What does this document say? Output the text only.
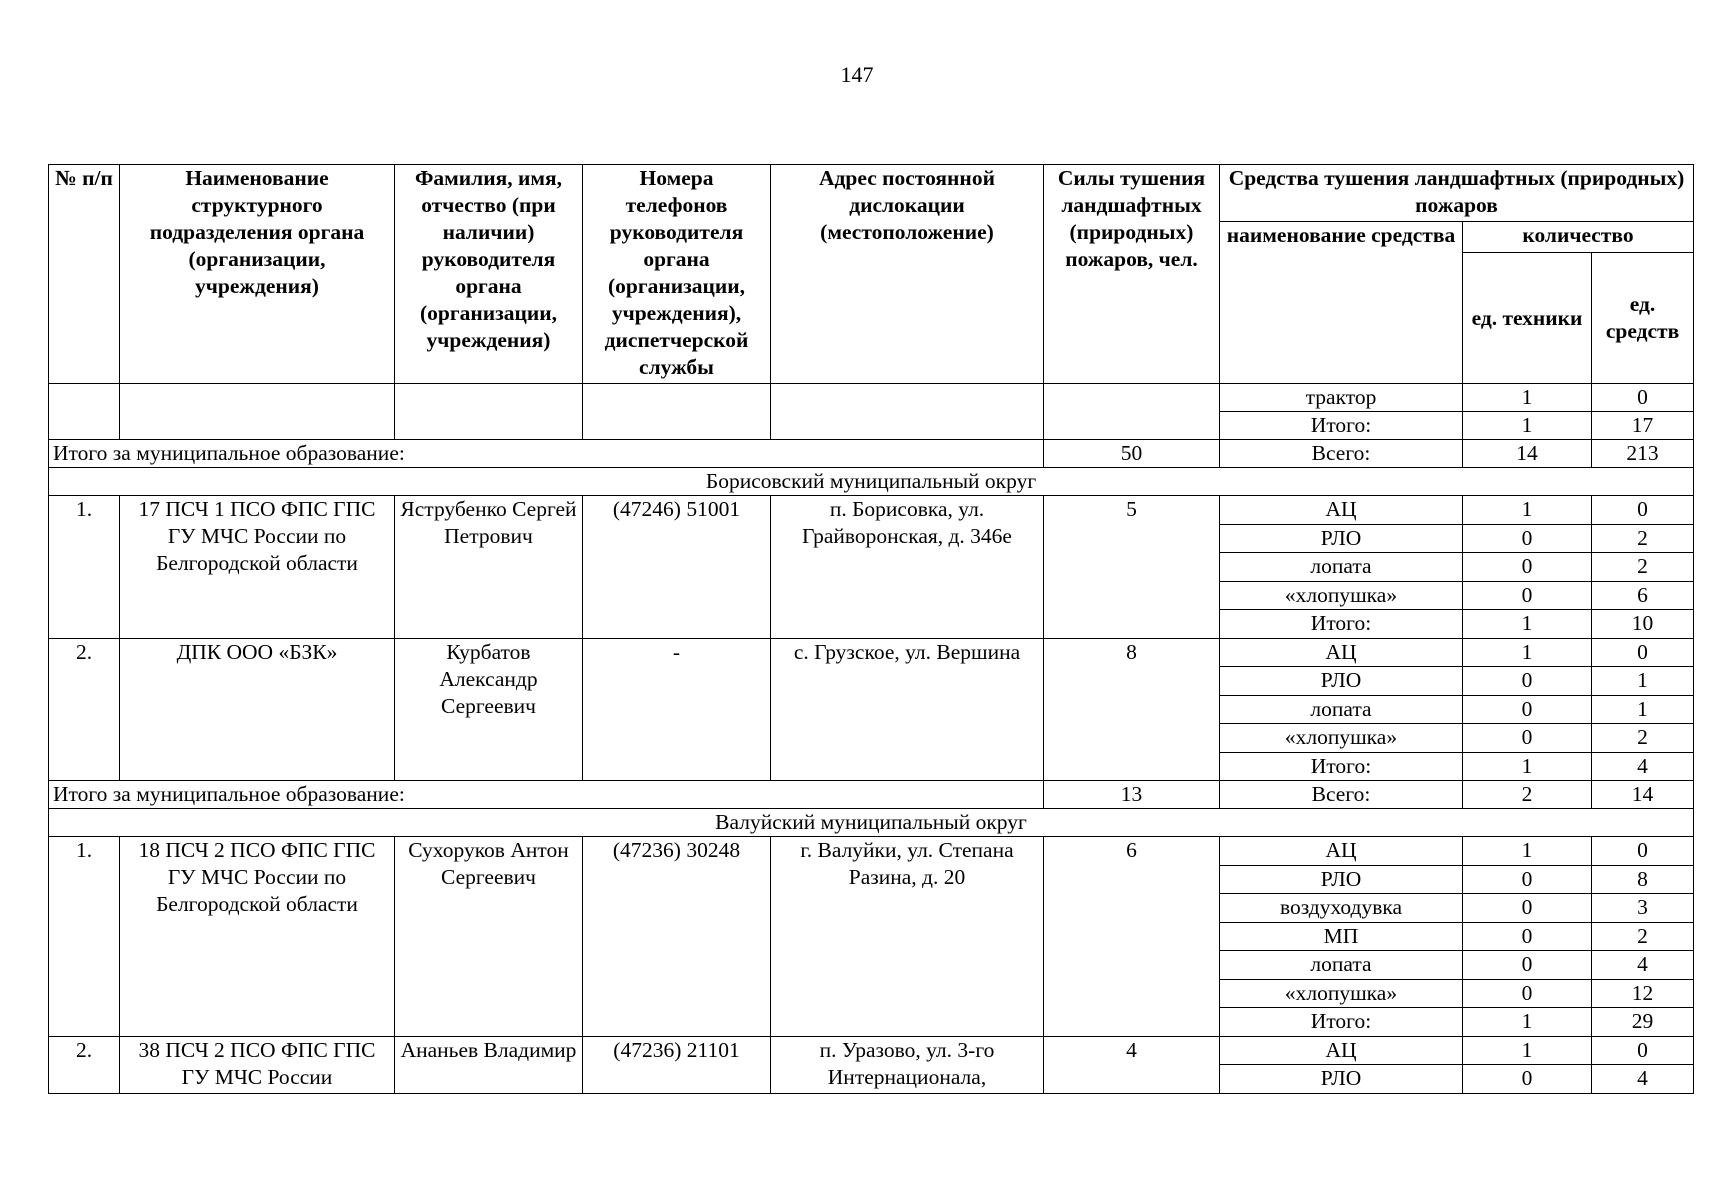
147
№ п/п	Наименование структурного подразделения органа (организации, учреждения)	Фамилия, имя, отчество (при наличии) руководителя органа (организации, учреждения)	Номера телефонов руководителя органа (организации, учреждения), диспетчерской службы	Адрес постоянной дислокации (местоположение)	Силы тушения ландшафтных (природных) пожаров, чел.	Средства тушения ландшафтных (природных) пожаров		
						наименование средства	количество	
							ед. техники	ед. средств
						трактор	1	0
						Итого:	1	17
Итого за муниципальное образование:					50	Всего:	14	213
Борисовский муниципальный округ								
1.	17 ПСЧ 1 ПСО ФПС ГПС ГУ МЧС России по Белгородской области	Яструбенко Сергей Петрович	(47246) 51001	п. Борисовка, ул. Грайворонская, д. 346е	5	АЦ	1	0
						РЛО	0	2
						лопата	0	2
						«хлопушка»	0	6
						Итого:	1	10
2.	ДПК ООО «БЗК»	Курбатов Александр Сергеевич	-	с. Грузское, ул. Вершина	8	АЦ	1	0
						РЛО	0	1
						лопата	0	1
						«хлопушка»	0	2
						Итого:	1	4
Итого за муниципальное образование:					13	Всего:	2	14
Валуйский муниципальный округ								
1.	18 ПСЧ 2 ПСО ФПС ГПС ГУ МЧС России по Белгородской области	Сухоруков Антон Сергеевич	(47236) 30248	г. Валуйки, ул. Степана Разина, д. 20	6	АЦ	1	0
						РЛО	0	8
						воздуходувка	0	3
						МП	0	2
						лопата	0	4
						«хлопушка»	0	12
						Итого:	1	29
2.	38 ПСЧ 2 ПСО ФПС ГПС ГУ МЧС России	Ананьев Владимир	(47236) 21101	п. Уразово, ул. 3-го Интернационала,	4	АЦ	1	0
						РЛО	0	4
